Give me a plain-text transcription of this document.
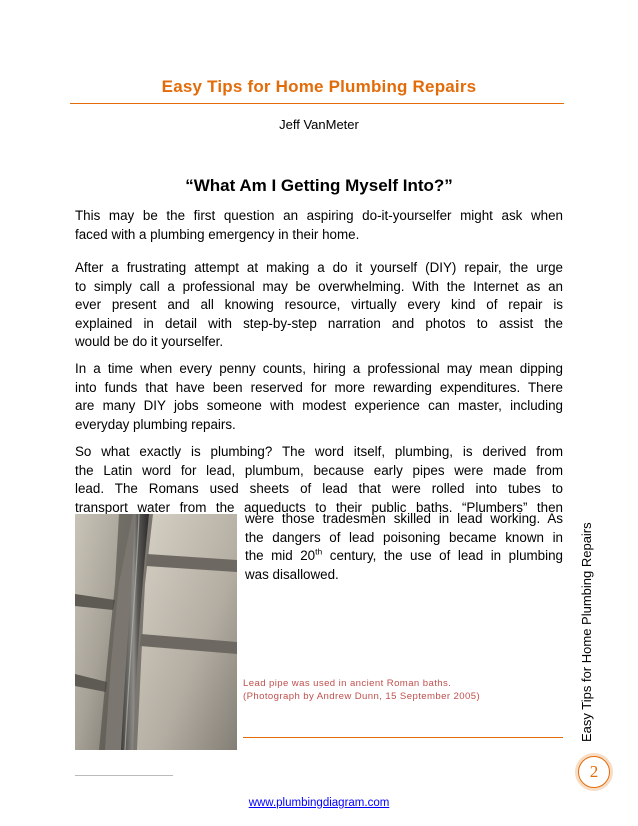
Easy Tips for Home Plumbing Repairs
Jeff VanMeter
“What Am I Getting Myself Into?”
This may be the first question an aspiring do-it-yourselfer might ask when
faced with a plumbing emergency in their home.
After a frustrating attempt at making a do it yourself (DIY) repair, the urge
to simply call a professional may be overwhelming. With the Internet as an
ever present and all knowing resource, virtually every kind of repair is
explained in detail with step-by-step narration and photos to assist the
would be do it yourselfer.
In a time when every penny counts, hiring a professional may mean dipping
into funds that have been reserved for more rewarding expenditures. There
are many DIY jobs someone with modest experience can master, including
everyday plumbing repairs.
So what exactly is plumbing? The word itself, plumbing, is derived from
the Latin word for lead, plumbum, because early pipes were made from
lead. The Romans used sheets of lead that were rolled into tubes to
transport water from the aqueducts to their public baths. “Plumbers” then
were those tradesmen skilled in lead working. As
the dangers of lead poisoning became known in
the mid 20th century, the use of lead in plumbing
was disallowed.
Lead pipe was used in ancient Roman baths.
(Photograph by Andrew Dunn, 15 September 2005)	Easy Tips for Home Plumbing Repairs
2
www.plumbingdiagram.com
